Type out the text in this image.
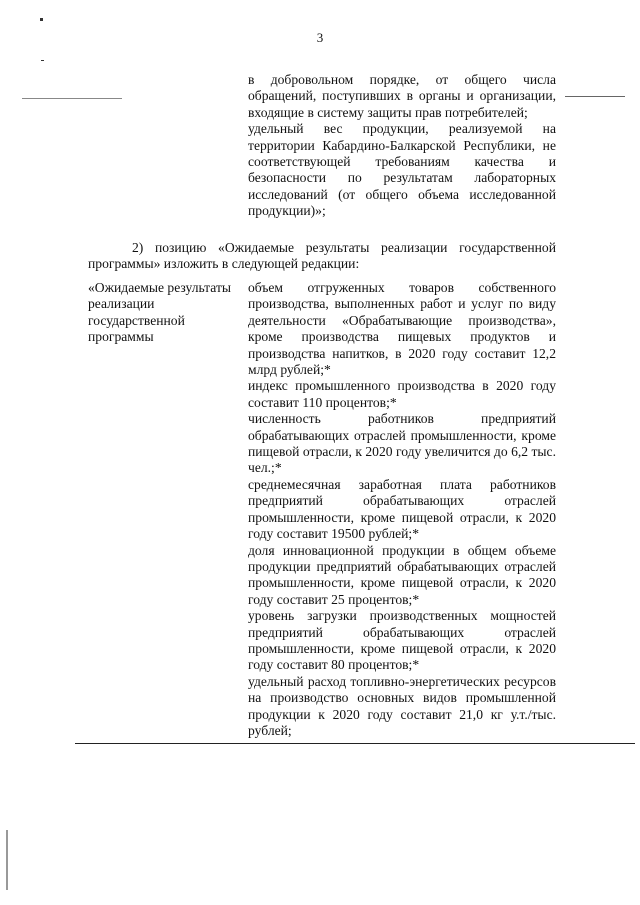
3

в добровольном порядке, от общего числа обращений, поступивших в органы и организации, входящие в систему защиты прав потребителей;

удельный вес продукции, реализуемой на территории Кабардино-Балкарской Республики, не соответствующей требованиям качества и безопасности по результатам лабораторных исследований (от общего объема исследованной продукции)»;

2) позицию «Ожидаемые результаты реализации государственной программы» изложить в следующей редакции:
«Ожидаемые результаты реализации государственной программы

объем отгруженных товаров собственного производства, выполненных работ и услуг по виду деятельности «Обрабатывающие производства», кроме производства пищевых продуктов и производства напитков, в 2020 году составит 12,2 млрд рублей;*

индекс промышленного производства в 2020 году составит 110 процентов;*

численность работников предприятий обрабатывающих отраслей промышленности, кроме пищевой отрасли, к 2020 году увеличится до 6,2 тыс. чел.;*

среднемесячная заработная плата работников предприятий обрабатывающих отраслей промышленности, кроме пищевой отрасли, к 2020 году составит 19500 рублей;*

доля инновационной продукции в общем объеме продукции предприятий обрабатывающих отраслей промышленности, кроме пищевой отрасли, к 2020 году составит 25 процентов;*

уровень загрузки производственных мощностей предприятий обрабатывающих отраслей промышленности, кроме пищевой отрасли, к 2020 году составит 80 процентов;*

удельный расход топливно-энергетических ресурсов на производство основных видов промышленной продукции к 2020 году составит 21,0 кг у.т./тыс. рублей;
